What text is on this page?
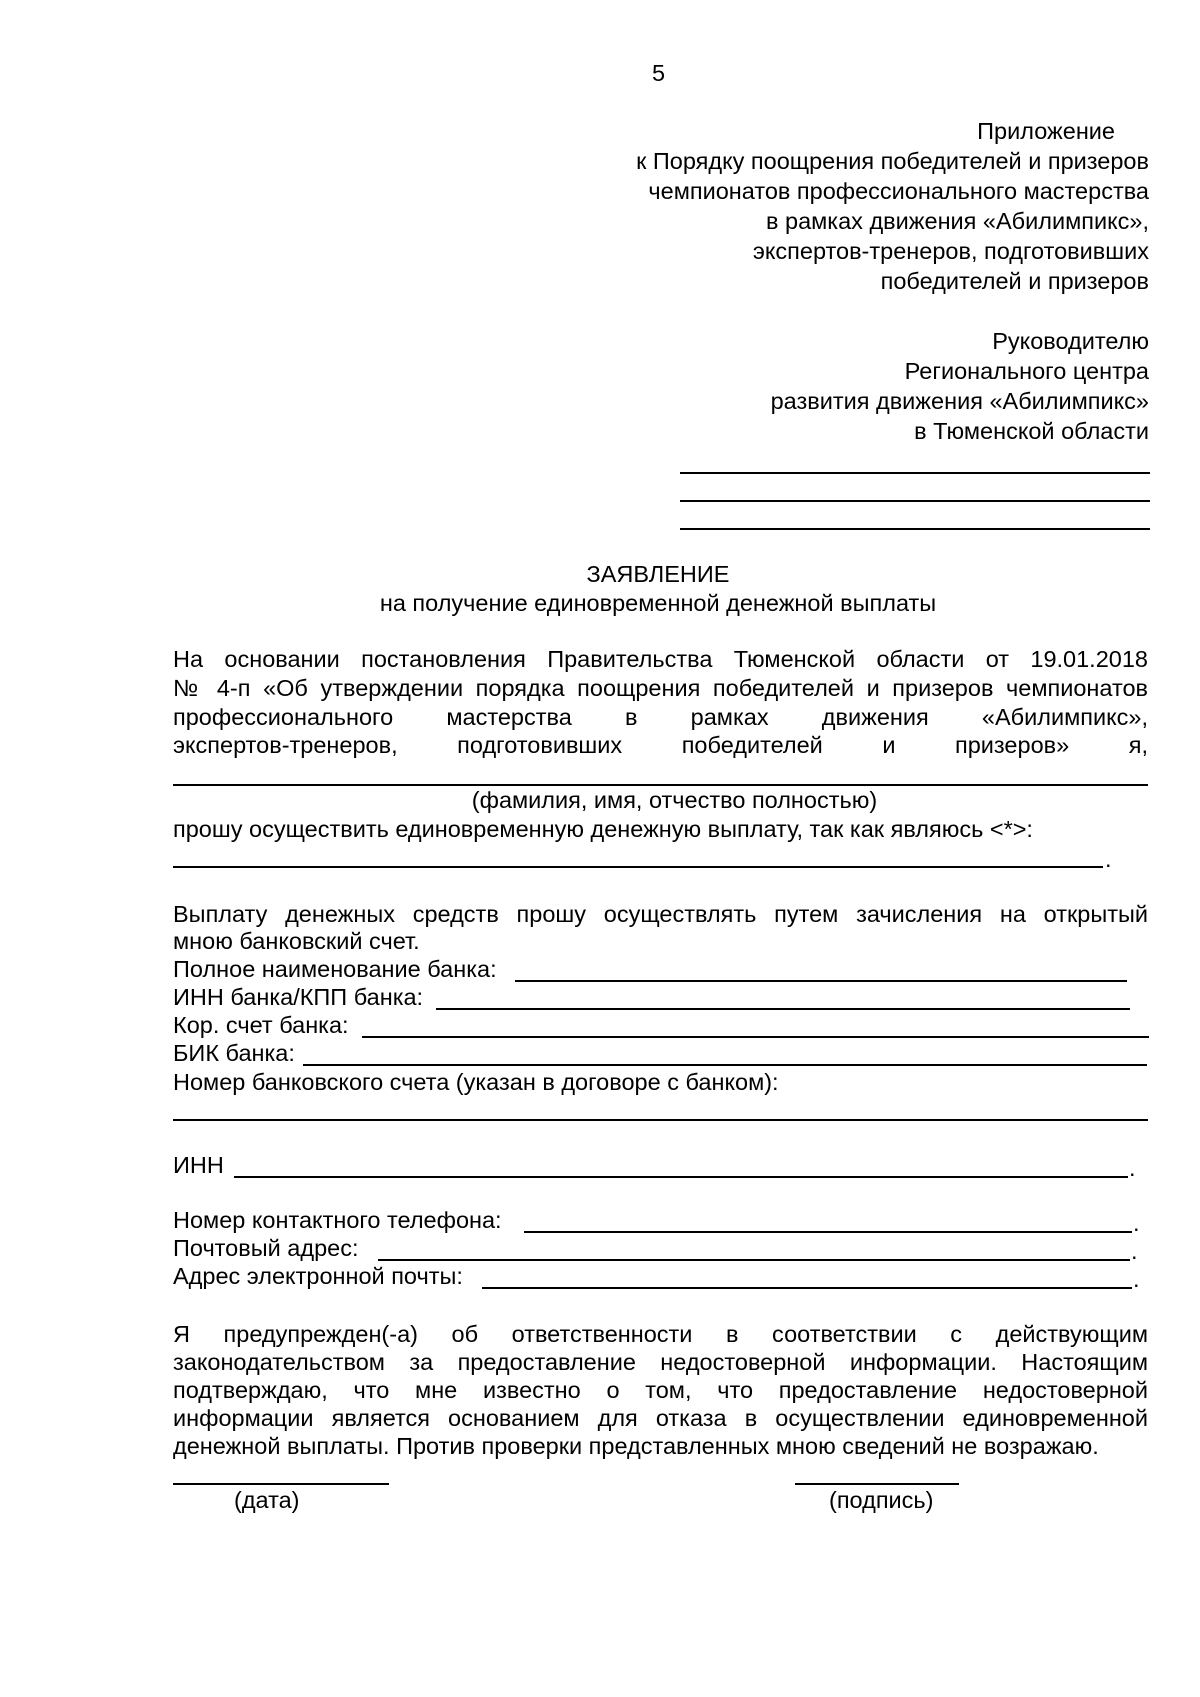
5
Приложение
к Порядку поощрения победителей и призеров
чемпионатов профессионального мастерства
в рамках движения «Абилимпикс»,
экспертов-тренеров, подготовивших
победителей и призеров
Руководителю
Регионального центра
развития движения «Абилимпикс»
в Тюменской области
ЗАЯВЛЕНИЕ
на получение единовременной денежной выплаты
На основании постановления Правительства Тюменской области от 19.01.2018
№ 4-п «Об утверждении порядка поощрения победителей и призеров чемпионатов
профессионального мастерства в рамках движения «Абилимпикс»,
экспертов-тренеров, подготовивших победителей и призеров» я,
(фамилия, имя, отчество полностью)
прошу осуществить единовременную денежную выплату, так как являюсь <*>:
.
Выплату денежных средств прошу осуществлять путем зачисления на открытый
мною банковский счет.
Полное наименование банка:
ИНН банка/КПП банка:
Кор. счет банка:
БИК банка:
Номер банковского счета (указан в договоре с банком):
ИНН	.
Номер контактного телефона:	.
Почтовый адрес:	.
Адрес электронной почты:	.
Я предупрежден(-а) об ответственности в соответствии с действующим
законодательством за предоставление недостоверной информации. Настоящим
подтверждаю, что мне известно о том, что предоставление недостоверной
информации является основанием для отказа в осуществлении единовременной
денежной выплаты. Против проверки представленных мною сведений не возражаю.
(дата)	(подпись)
